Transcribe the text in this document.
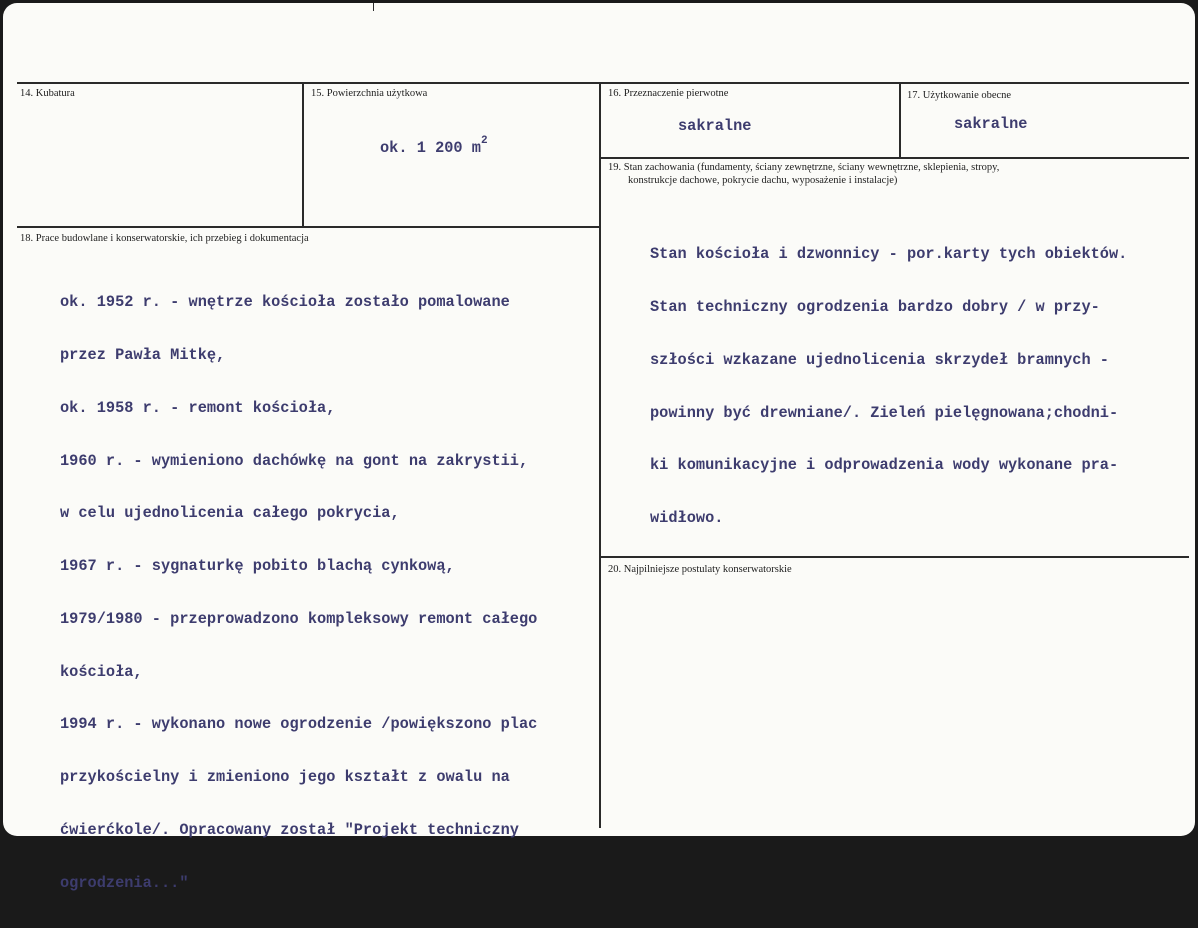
14. Kubatura	15. Powierzchnia użytkowa
ok. 1 200 $m^2$
16. Przeznaczenie pierwotne
sakralne
17. Użytkowanie obecne
sakralne
18. Prace budowlane i konserwatorskie, ich przebieg i dokumentacja

ok. 1952 r. - wnętrze kościoła zostało pomalowane

przez Pawła Mitkę,

ok. 1958 r. - remont kościoła,

1960 r. - wymieniono dachówkę na gont na zakrystii,

w celu ujednolicenia całego pokrycia,

1967 r. - sygnaturkę pobito blachą cynkową,

1979/1980 - przeprowadzono kompleksowy remont całego

kościoła,

1994 r. - wykonano nowe ogrodzenie /powiększono plac

przykościelny i zmieniono jego kształt z owalu na

ćwierćkole/. Opracowany został "Projekt techniczny

ogrodzenia..."

19. Stan zachowania (fundamenty, ściany zewnętrzne, ściany wewnętrzne, sklepienia, stropy,
konstrukcje dachowe, pokrycie dachu, wyposażenie i instalacje)

Stan kościoła i dzwonnicy - por.karty tych obiektów.

Stan techniczny ogrodzenia bardzo dobry / w przy-

szłości wzkazane ujednolicenia skrzydeł bramnych -

powinny być drewniane/. Zieleń pielęgnowana;chodni-

ki komunikacyjne i odprowadzenia wody wykonane pra-

widłowo.

20. Najpilniejsze postulaty konserwatorskie
